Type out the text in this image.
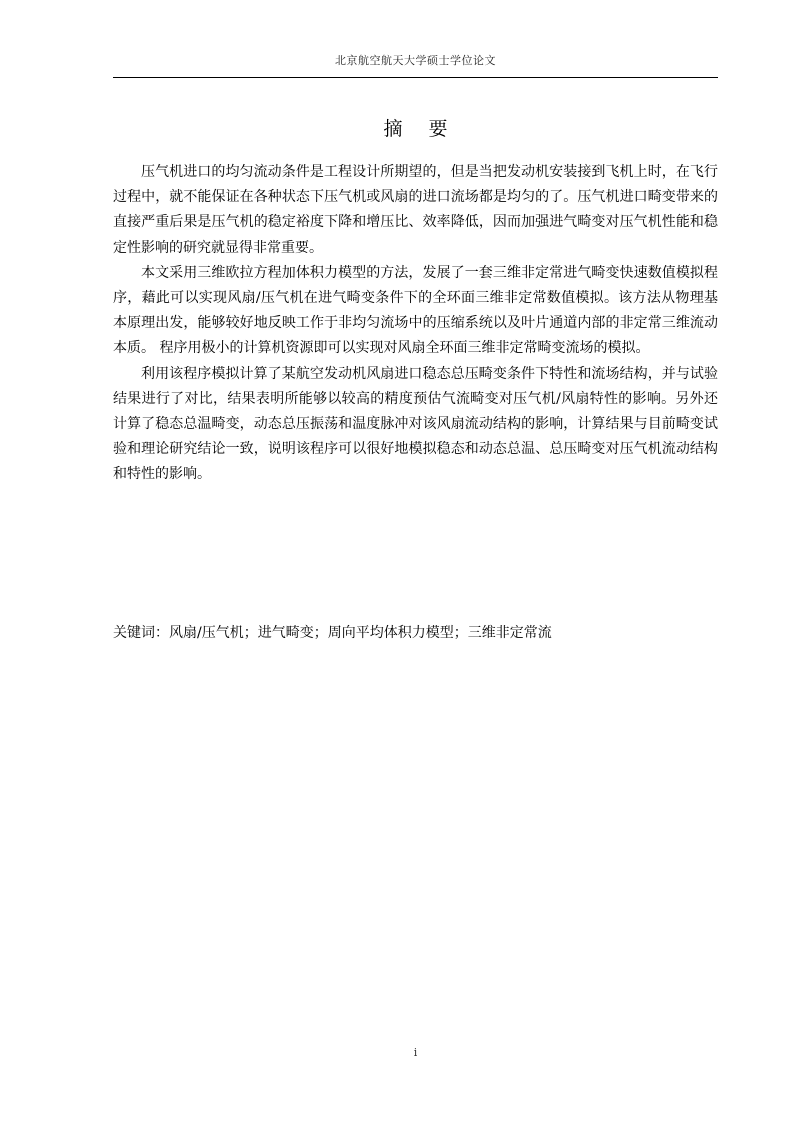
北京航空航天大学硕士学位论文
摘 要

压气机进口的均匀流动条件是工程设计所期望的，但是当把发动机安装接到飞机上时，在飞行过程中，就不能保证在各种状态下压气机或风扇的进口流场都是均匀的了。压气机进口畸变带来的直接严重后果是压气机的稳定裕度下降和增压比、效率降低，因而加强进气畸变对压气机性能和稳定性影响的研究就显得非常重要。

本文采用三维欧拉方程加体积力模型的方法，发展了一套三维非定常进气畸变快速数值模拟程序，藉此可以实现风扇/压气机在进气畸变条件下的全环面三维非定常数值模拟。该方法从物理基本原理出发，能够较好地反映工作于非均匀流场中的压缩系统以及叶片通道内部的非定常三维流动本质。 程序用极小的计算机资源即可以实现对风扇全环面三维非定常畸变流场的模拟。

利用该程序模拟计算了某航空发动机风扇进口稳态总压畸变条件下特性和流场结构，并与试验结果进行了对比，结果表明所能够以较高的精度预估气流畸变对压气机/风扇特性的影响。另外还计算了稳态总温畸变，动态总压振荡和温度脉冲对该风扇流动结构的影响，计算结果与目前畸变试验和理论研究结论一致，说明该程序可以很好地模拟稳态和动态总温、总压畸变对压气机流动结构和特性的影响。

关键词：风扇/压气机；进气畸变；周向平均体积力模型；三维非定常流
i
